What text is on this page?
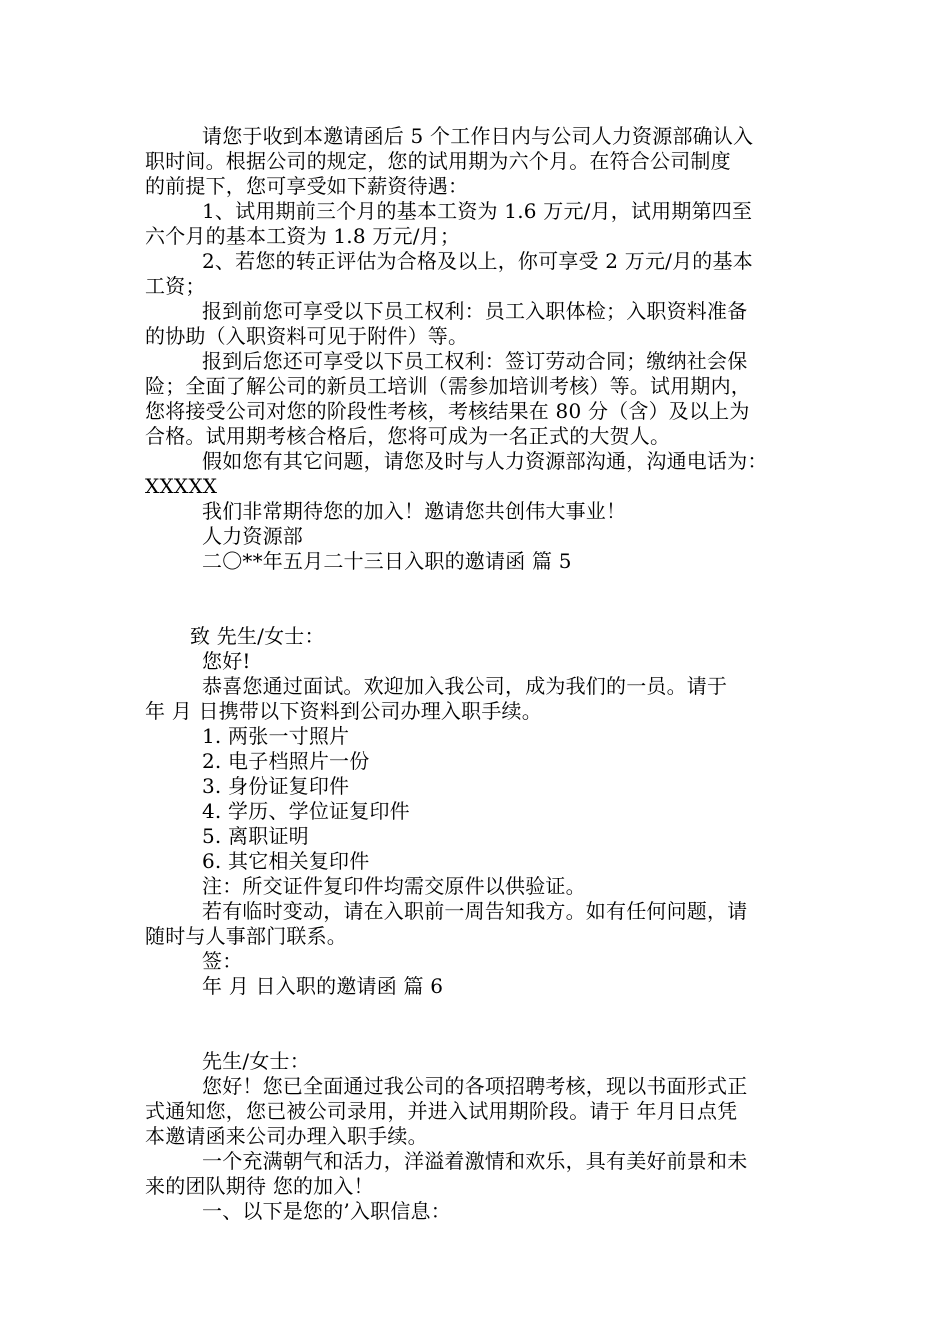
请您于收到本邀请函后 5 个工作日内与公司人力资源部确认入
职时间。根据公司的规定，您的试用期为六个月。在符合公司制度
的前提下，您可享受如下薪资待遇：
1、试用期前三个月的基本工资为 1.6 万元/月，试用期第四至
六个月的基本工资为 1.8 万元/月；
2、若您的转正评估为合格及以上，你可享受 2 万元/月的基本
工资；
报到前您可享受以下员工权利：员工入职体检；入职资料准备
的协助（入职资料可见于附件）等。
报到后您还可享受以下员工权利：签订劳动合同；缴纳社会保
险；全面了解公司的新员工培训（需参加培训考核）等。试用期内，
您将接受公司对您的阶段性考核，考核结果在 80 分（含）及以上为
合格。试用期考核合格后，您将可成为一名正式的大贺人。
假如您有其它问题，请您及时与人力资源部沟通，沟通电话为：
XXXXX
我们非常期待您的加入！邀请您共创伟大事业！
人力资源部
二〇**年五月二十三日入职的邀请函 篇 5
致 先生/女士：
您好!
恭喜您通过面试。欢迎加入我公司，成为我们的一员。请于
年 月 日携带以下资料到公司办理入职手续。
1. 两张一寸照片
2. 电子档照片一份
3. 身份证复印件
4. 学历、学位证复印件
5. 离职证明
6. 其它相关复印件
注：所交证件复印件均需交原件以供验证。
若有临时变动，请在入职前一周告知我方。如有任何问题，请
随时与人事部门联系。
签：
年 月 日入职的邀请函 篇 6
先生/女士：
您好！您已全面通过我公司的各项招聘考核，现以书面形式正
式通知您，您已被公司录用，并进入试用期阶段。请于 年月日点凭
本邀请函来公司办理入职手续。
一个充满朝气和活力，洋溢着激情和欢乐，具有美好前景和未
来的团队期待 您的加入！
一、以下是您的’入职信息：
